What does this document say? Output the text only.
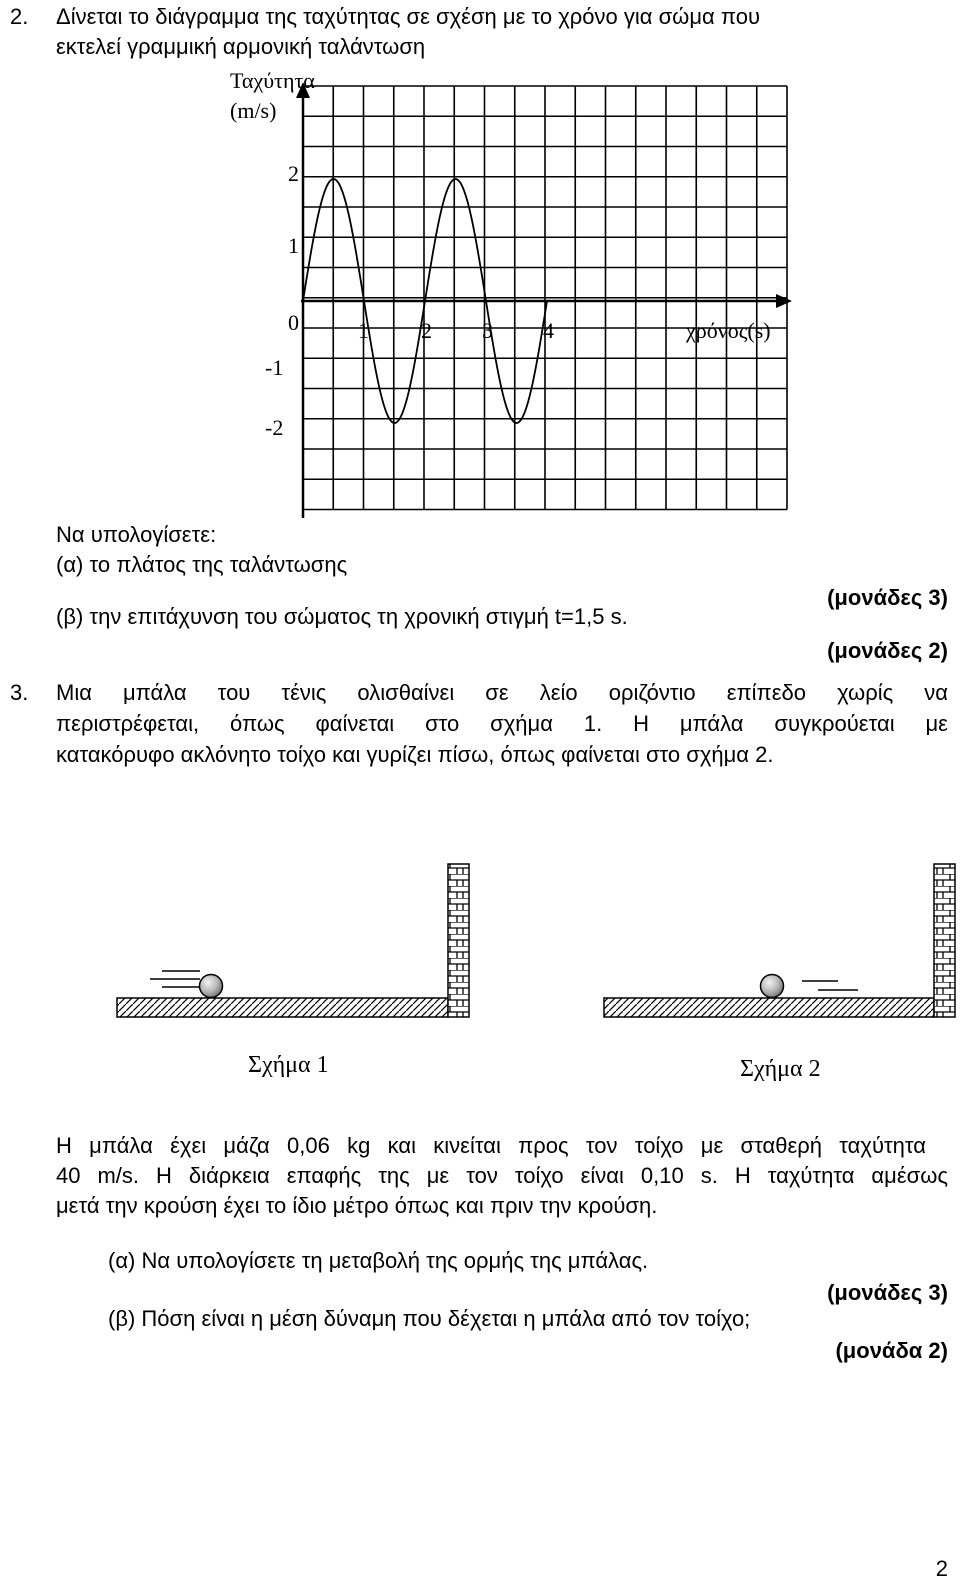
2. Δίνεται το διάγραμμα της ταχύτητας σε σχέση με το χρόνο για σώμα που
εκτελεί γραμμική αρμονική ταλάντωση
Ταχύτητα
(m/s)
χρόνος(s)
0	1 2 3 4
2
1
-1
-2
Να υπολογίσετε:
(α) το πλάτος της ταλάντωσης
(μονάδες 3)
(β) την επιτάχυνση του σώματος τη χρονική στιγμή t=1,5 s.
(μονάδες 2)
3. Μια μπάλα του τένις ολισθαίνει σε λείο οριζόντιο επίπεδο χωρίς να
περιστρέφεται, όπως φαίνεται στο σχήμα 1. Η μπάλα συγκρούεται με
κατακόρυφο ακλόνητο τοίχο και γυρίζει πίσω, όπως φαίνεται στο σχήμα 2.
Σχήμα 1	Σχήμα 2
Η μπάλα έχει μάζα 0,06 kg και κινείται προς τον τοίχο με σταθερή ταχύτητα
40 m/s. Η διάρκεια επαφής της με τον τοίχο είναι 0,10 s. Η ταχύτητα αμέσως
μετά την κρούση έχει το ίδιο μέτρο όπως και πριν την κρούση.
(α) Να υπολογίσετε τη μεταβολή της ορμής της μπάλας.
(μονάδες 3)
(β) Πόση είναι η μέση δύναμη που δέχεται η μπάλα από τον τοίχο;
(μονάδα 2)
2
